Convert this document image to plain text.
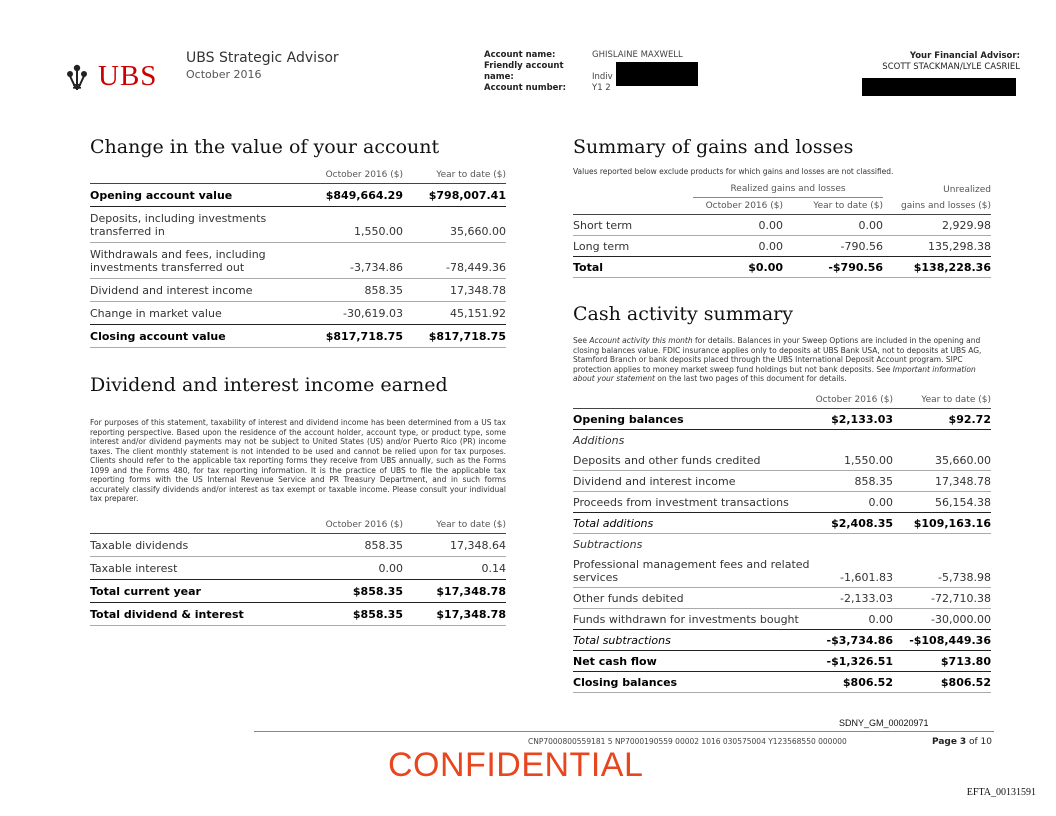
UBS
UBS Strategic Advisor
October 2016
Account name:	GHISLAINE MAXWELL
Friendly account name:	Indiv
Account number:	Y1 2
Your Financial Advisor:
SCOTT STACKMAN/LYLE CASRIEL
Change in the value of your account
	October 2016 ($)	Year to date ($)
Opening account value	$849,664.29	$798,007.41
Deposits, including investments transferred in	1,550.00	35,660.00
Withdrawals and fees, including investments transferred out	-3,734.86	-78,449.36
Dividend and interest income	858.35	17,348.78
Change in market value	-30,619.03	45,151.92
Closing account value	$817,718.75	$817,718.75
Dividend and interest income earned
For purposes of this statement, taxability of interest and dividend income has been determined from a US tax reporting perspective. Based upon the residence of the account holder, account type, or product type, some interest and/or dividend payments may not be subject to United States (US) and/or Puerto Rico (PR) income taxes. The client monthly statement is not intended to be used and cannot be relied upon for tax purposes. Clients should refer to the applicable tax reporting forms they receive from UBS annually, such as the Forms 1099 and the Forms 480, for tax reporting information. It is the practice of UBS to file the applicable tax reporting forms with the US Internal Revenue Service and PR Treasury Department, and in such forms accurately classify dividends and/or interest as tax exempt or taxable income. Please consult your individual tax preparer.
	October 2016 ($)	Year to date ($)
Taxable dividends	858.35	17,348.64
Taxable interest	0.00	0.14
Total current year	$858.35	$17,348.78
Total dividend & interest	$858.35	$17,348.78
Summary of gains and losses
Values reported below exclude products for which gains and losses are not classified.
	Realized gains and losses		Unrealized
	October 2016 ($)	Year to date ($)	gains and losses ($)
Short term	0.00	0.00	2,929.98
Long term	0.00	-790.56	135,298.38
Total	$0.00	-$790.56	$138,228.36
Cash activity summary
See Account activity this month for details. Balances in your Sweep Options are included in the opening and closing balances value. FDIC insurance applies only to deposits at UBS Bank USA, not to deposits at UBS AG, Stamford Branch or bank deposits placed through the UBS International Deposit Account program. SIPC protection applies to money market sweep fund holdings but not bank deposits. See Important information about your statement on the last two pages of this document for details.
	October 2016 ($)	Year to date ($)
Opening balances	$2,133.03	$92.72
Additions		
Deposits and other funds credited	1,550.00	35,660.00
Dividend and interest income	858.35	17,348.78
Proceeds from investment transactions	0.00	56,154.38
Total additions	$2,408.35	$109,163.16
Subtractions		
Professional management fees and related services	-1,601.83	-5,738.98
Other funds debited	-2,133.03	-72,710.38
Funds withdrawn for investments bought	0.00	-30,000.00
Total subtractions	-$3,734.86	-$108,449.36
Net cash flow	-$1,326.51	$713.80
Closing balances	$806.52	$806.52
SDNY_GM_00020971
CNP7000800559181 5 NP7000190559 00002 1016 030575004 Y123568550 000000	Page 3 of 10
CONFIDENTIAL
EFTA_00131591
